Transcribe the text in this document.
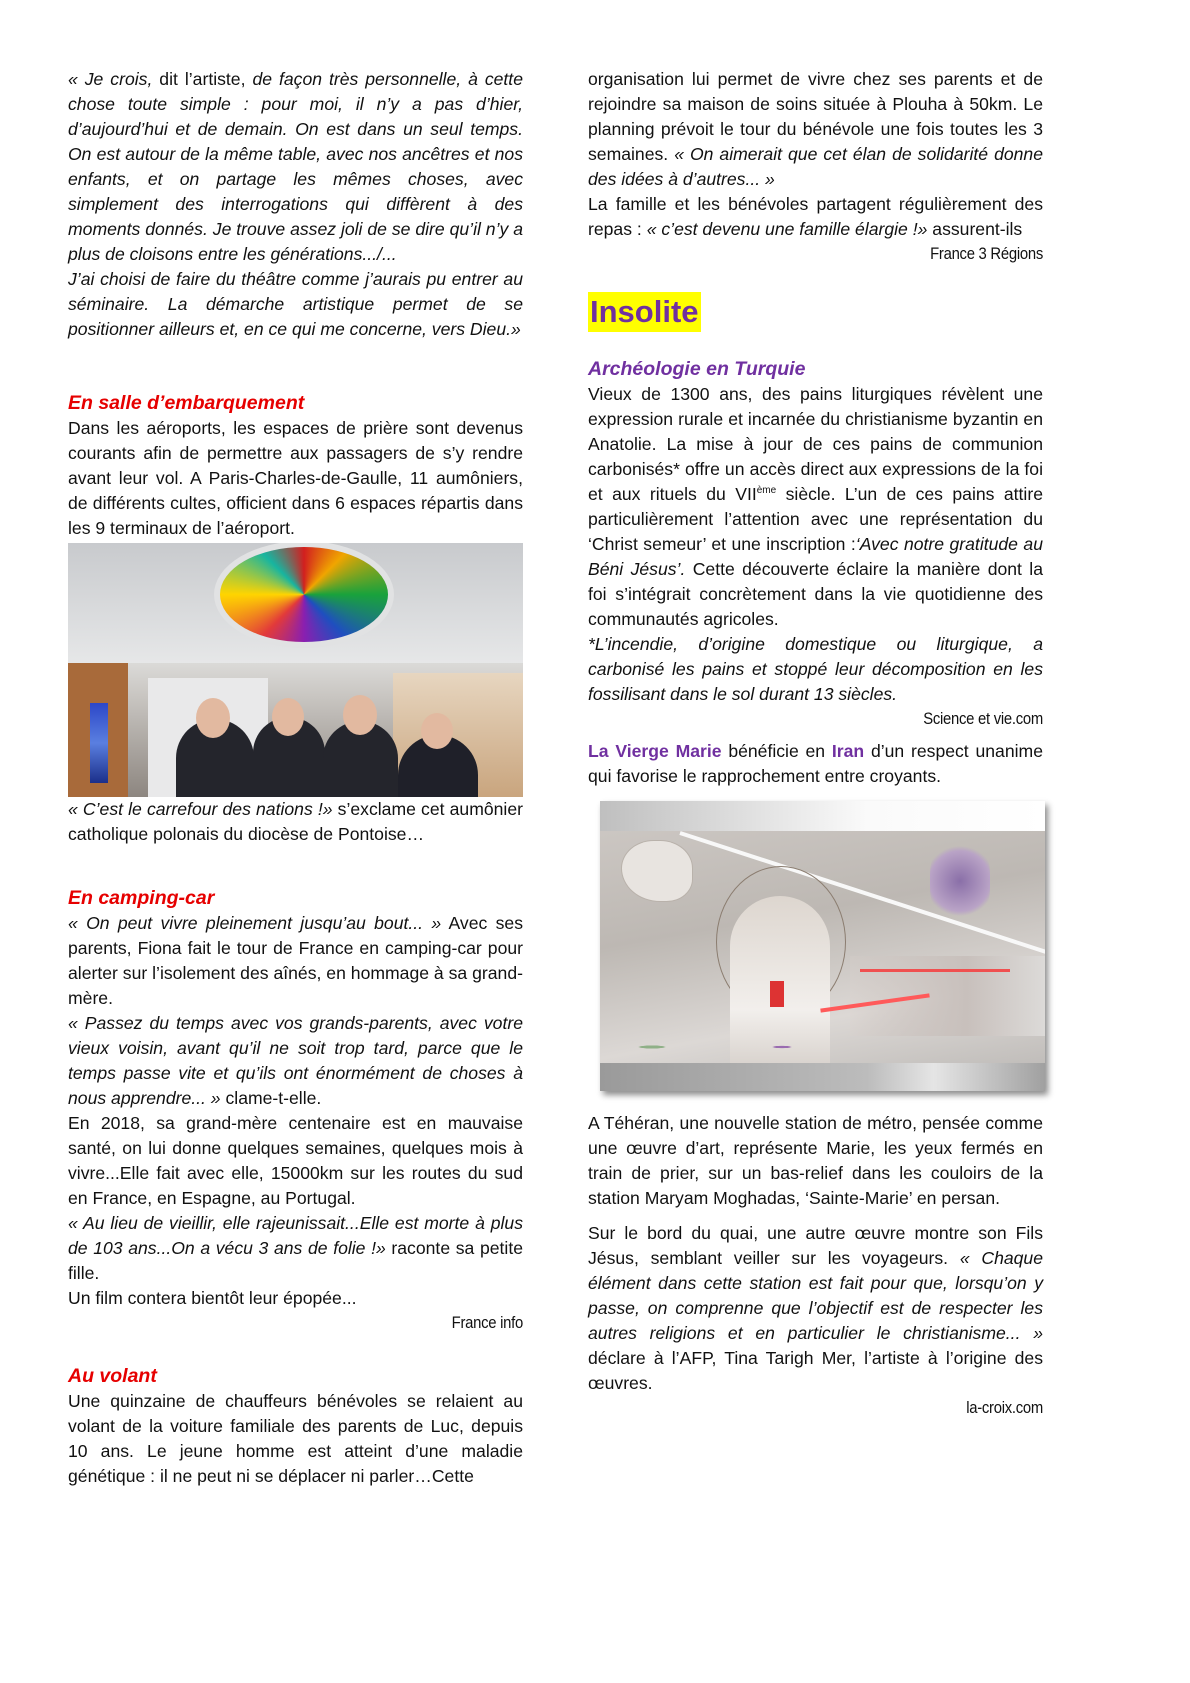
« Je crois, dit l’artiste, de façon très personnelle, à cette chose toute simple : pour moi, il n’y a pas d’hier, d’aujourd’hui et de demain. On est dans un seul temps. On est autour de la même table, avec nos ancêtres et nos enfants, et on partage les mêmes choses, avec simplement des interrogations qui diffèrent à des moments donnés. Je trouve assez joli de se dire qu’il n’y a plus de cloisons entre les générations.../...

J’ai choisi de faire du théâtre comme j’aurais pu entrer au séminaire. La démarche artistique permet de se positionner ailleurs et, en ce qui me concerne, vers Dieu.»

En salle d’embarquement

Dans les aéroports, les espaces de prière sont devenus courants afin de permettre aux passagers de s’y rendre avant leur vol. A Paris-Charles-de-Gaulle, 11 aumôniers, de différents cultes, officient dans 6 espaces répartis dans les 9 terminaux de l’aéroport.

« C’est le carrefour des nations !» s’exclame cet aumônier catholique polonais du diocèse de Pontoise…

En camping-car

« On peut vivre pleinement jusqu’au bout... » Avec ses parents, Fiona fait le tour de France en camping-car pour alerter sur l’isolement des aînés, en hommage à sa grand-mère.

« Passez du temps avec vos grands-parents, avec votre vieux voisin, avant qu’il ne soit trop tard, parce que le temps passe vite et qu’ils ont énormément de choses à nous apprendre... » clame-t-elle.

En 2018, sa grand-mère centenaire est en mauvaise santé, on lui donne quelques semaines, quelques mois à vivre...Elle fait avec elle, 15000km sur les routes du sud en France, en Espagne, au Portugal.

« Au lieu de vieillir, elle rajeunissait...Elle est morte à plus de 103 ans...On a vécu 3 ans de folie !» raconte sa petite fille.

Un film contera bientôt leur épopée...

France info
Au volant

Une quinzaine de chauffeurs bénévoles se relaient au volant de la voiture familiale des parents de Luc, depuis 10 ans. Le jeune homme est atteint d’une maladie génétique : il ne peut ni se déplacer ni parler…Cette

organisation lui permet de vivre chez ses parents et de rejoindre sa maison de soins située à Plouha à 50km. Le planning prévoit le tour du bénévole une fois toutes les 3 semaines. « On aimerait que cet élan de solidarité donne des idées à d’autres... »

La famille et les bénévoles partagent régulièrement des repas : « c’est devenu une famille élargie !» assurent-ils

France 3 Régions
Insolite
Archéologie en Turquie

Vieux de 1300 ans, des pains liturgiques révèlent une expression rurale et incarnée du christianisme byzantin en Anatolie. La mise à jour de ces pains de communion carbonisés* offre un accès direct aux expressions de la foi et aux rituels du VIIème siècle. L’un de ces pains attire particulièrement l’attention avec une représentation du ‘Christ semeur’ et une inscription :‘Avec notre gratitude au Béni Jésus’. Cette découverte éclaire la manière dont la foi s’intégrait concrètement dans la vie quotidienne des communautés agricoles.

*L’incendie, d’origine domestique ou liturgique, a carbonisé les pains et stoppé leur décomposition en les fossilisant dans le sol durant 13 siècles.

Science et vie.com

La Vierge Marie bénéficie en Iran d’un respect unanime qui favorise le rapprochement entre croyants.

A Téhéran, une nouvelle station de métro, pensée comme une œuvre d’art, représente Marie, les yeux fermés en train de prier, sur un bas-relief dans les couloirs de la station Maryam Moghadas, ‘Sainte-Marie’ en persan.

Sur le bord du quai, une autre œuvre montre son Fils Jésus, semblant veiller sur les voyageurs. « Chaque élément dans cette station est fait pour que, lorsqu’on y passe, on comprenne que l’objectif est de respecter les autres religions et en particulier le christianisme... » déclare à l’AFP, Tina Tarigh Mer, l’artiste à l’origine des œuvres.

la-croix.com
